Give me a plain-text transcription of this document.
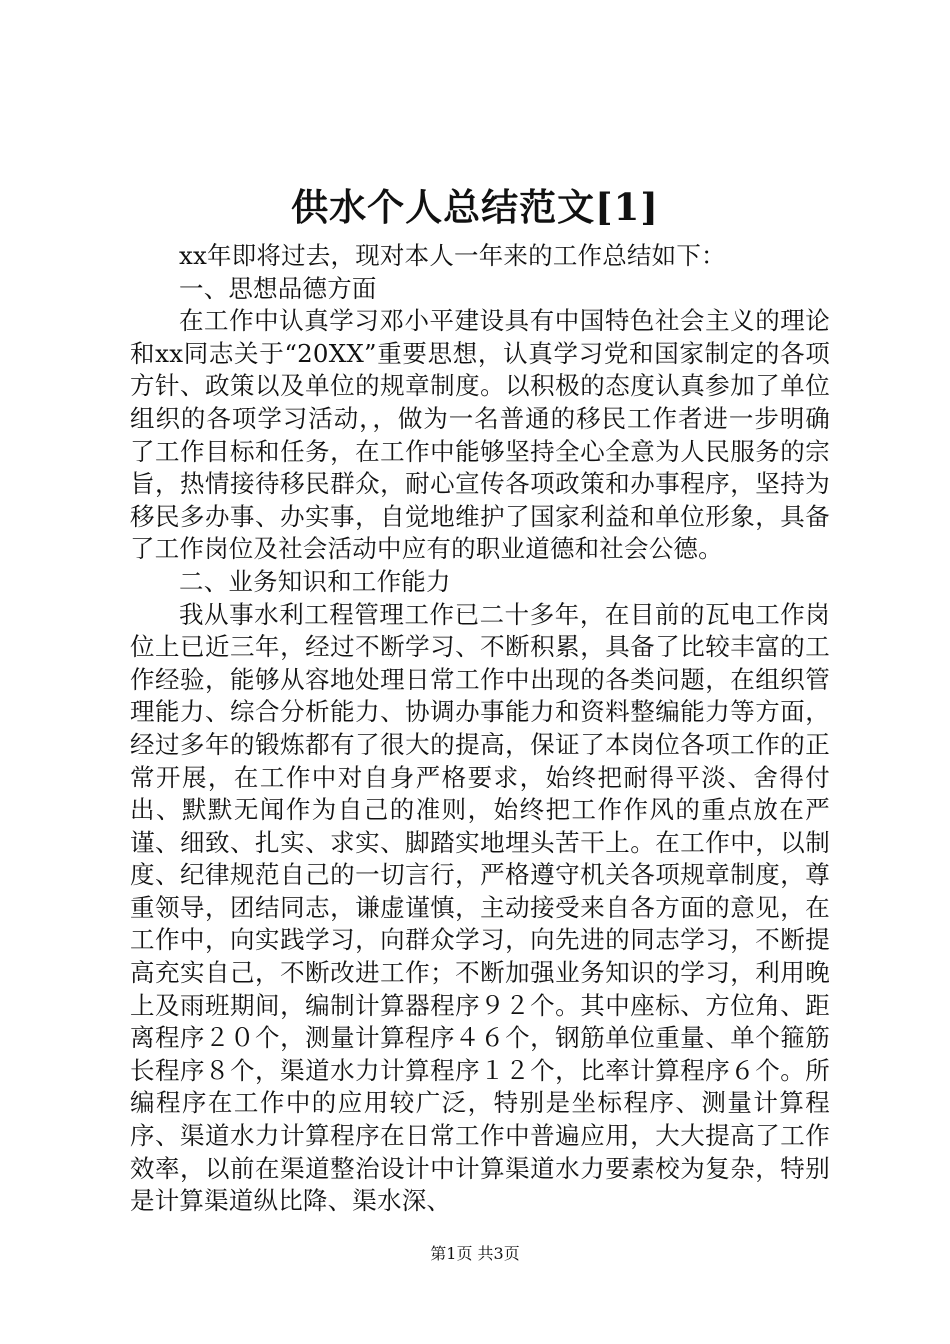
供水个人总结范文[1]

xx年即将过去，现对本人一年来的工作总结如下：

一、思想品德方面

在工作中认真学习邓小平建设具有中国特色社会主义的理论和xx同志关于“20XX”重要思想，认真学习党和国家制定的各项方针、政策以及单位的规章制度。以积极的态度认真参加了单位组织的各项学习活动，，做为一名普通的移民工作者进一步明确了工作目标和任务，在工作中能够坚持全心全意为人民服务的宗旨，热情接待移民群众，耐心宣传各项政策和办事程序，坚持为移民多办事、办实事，自觉地维护了国家利益和单位形象，具备了工作岗位及社会活动中应有的职业道德和社会公德。

二、业务知识和工作能力

我从事水利工程管理工作已二十多年，在目前的瓦电工作岗位上已近三年，经过不断学习、不断积累，具备了比较丰富的工作经验，能够从容地处理日常工作中出现的各类问题，在组织管理能力、综合分析能力、协调办事能力和资料整编能力等方面，经过多年的锻炼都有了很大的提高，保证了本岗位各项工作的正常开展，在工作中对自身严格要求，始终把耐得平淡、舍得付出、默默无闻作为自己的准则，始终把工作作风的重点放在严谨、细致、扎实、求实、脚踏实地埋头苦干上。在工作中，以制度、纪律规范自己的一切言行，严格遵守机关各项规章制度，尊重领导，团结同志，谦虚谨慎，主动接受来自各方面的意见，在工作中，向实践学习，向群众学习，向先进的同志学习，不断提高充实自己，不断改进工作；不断加强业务知识的学习，利用晚上及雨班期间，编制计算器程序９２个。其中座标、方位角、距离程序２０个，测量计算程序４６个，钢筋单位重量、单个箍筋长程序８个，渠道水力计算程序１２个，比率计算程序６个。所编程序在工作中的应用较广泛，特别是坐标程序、测量计算程序、渠道水力计算程序在日常工作中普遍应用，大大提高了工作效率，以前在渠道整治设计中计算渠道水力要素校为复杂，特别是计算渠道纵比降、渠水深、

第1页 共3页
